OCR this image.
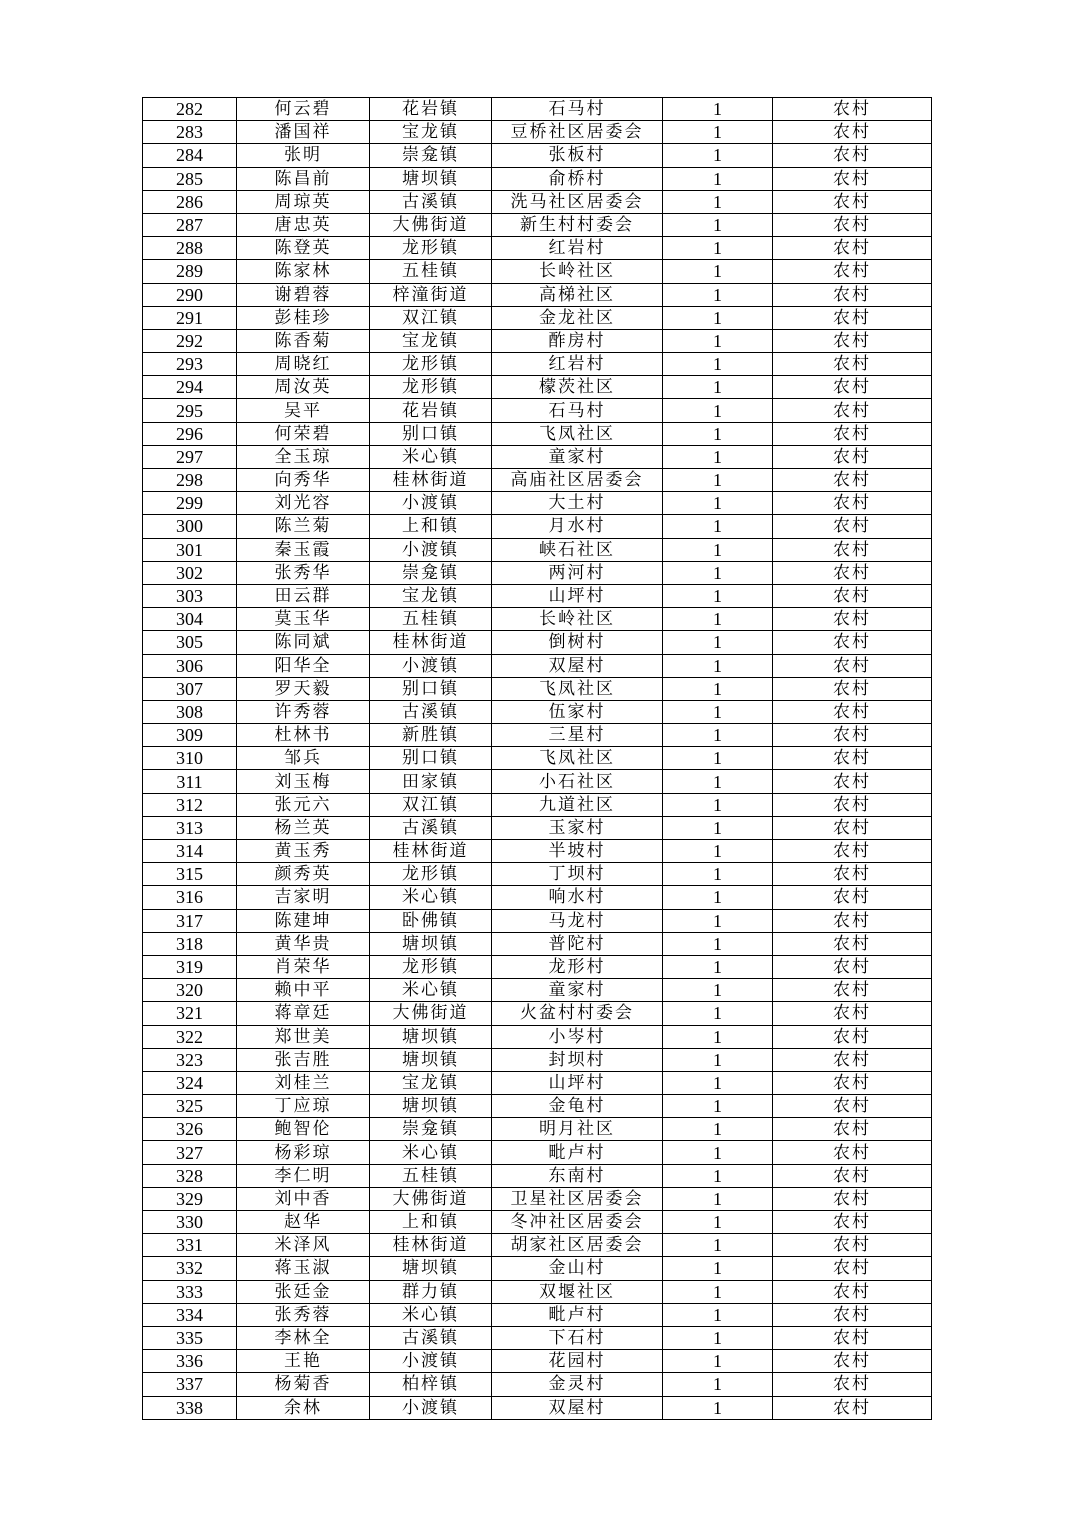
282	何云碧	花岩镇	石马村	1	农村
283	潘国祥	宝龙镇	豆桥社区居委会	1	农村
284	张明	崇龛镇	张板村	1	农村
285	陈昌前	塘坝镇	俞桥村	1	农村
286	周琼英	古溪镇	洗马社区居委会	1	农村
287	唐忠英	大佛街道	新生村村委会	1	农村
288	陈登英	龙形镇	红岩村	1	农村
289	陈家林	五桂镇	长岭社区	1	农村
290	谢碧蓉	梓潼街道	高梯社区	1	农村
291	彭桂珍	双江镇	金龙社区	1	农村
292	陈香菊	宝龙镇	酢房村	1	农村
293	周晓红	龙形镇	红岩村	1	农村
294	周汝英	龙形镇	檬茨社区	1	农村
295	吴平	花岩镇	石马村	1	农村
296	何荣碧	别口镇	飞凤社区	1	农村
297	全玉琼	米心镇	童家村	1	农村
298	向秀华	桂林街道	高庙社区居委会	1	农村
299	刘光容	小渡镇	大土村	1	农村
300	陈兰菊	上和镇	月水村	1	农村
301	秦玉霞	小渡镇	峡石社区	1	农村
302	张秀华	崇龛镇	两河村	1	农村
303	田云群	宝龙镇	山坪村	1	农村
304	莫玉华	五桂镇	长岭社区	1	农村
305	陈同斌	桂林街道	倒树村	1	农村
306	阳华全	小渡镇	双屋村	1	农村
307	罗天毅	别口镇	飞凤社区	1	农村
308	许秀蓉	古溪镇	伍家村	1	农村
309	杜林书	新胜镇	三星村	1	农村
310	邹兵	别口镇	飞凤社区	1	农村
311	刘玉梅	田家镇	小石社区	1	农村
312	张元六	双江镇	九道社区	1	农村
313	杨兰英	古溪镇	玉家村	1	农村
314	黄玉秀	桂林街道	半坡村	1	农村
315	颜秀英	龙形镇	丁坝村	1	农村
316	吉家明	米心镇	响水村	1	农村
317	陈建坤	卧佛镇	马龙村	1	农村
318	黄华贵	塘坝镇	普陀村	1	农村
319	肖荣华	龙形镇	龙形村	1	农村
320	赖中平	米心镇	童家村	1	农村
321	蒋章廷	大佛街道	火盆村村委会	1	农村
322	郑世美	塘坝镇	小岑村	1	农村
323	张吉胜	塘坝镇	封坝村	1	农村
324	刘桂兰	宝龙镇	山坪村	1	农村
325	丁应琼	塘坝镇	金龟村	1	农村
326	鲍智伦	崇龛镇	明月社区	1	农村
327	杨彩琼	米心镇	毗卢村	1	农村
328	李仁明	五桂镇	东南村	1	农村
329	刘中香	大佛街道	卫星社区居委会	1	农村
330	赵华	上和镇	冬冲社区居委会	1	农村
331	米泽风	桂林街道	胡家社区居委会	1	农村
332	蒋玉淑	塘坝镇	金山村	1	农村
333	张廷金	群力镇	双堰社区	1	农村
334	张秀蓉	米心镇	毗卢村	1	农村
335	李林全	古溪镇	下石村	1	农村
336	王艳	小渡镇	花园村	1	农村
337	杨菊香	柏梓镇	金灵村	1	农村
338	余林	小渡镇	双屋村	1	农村
